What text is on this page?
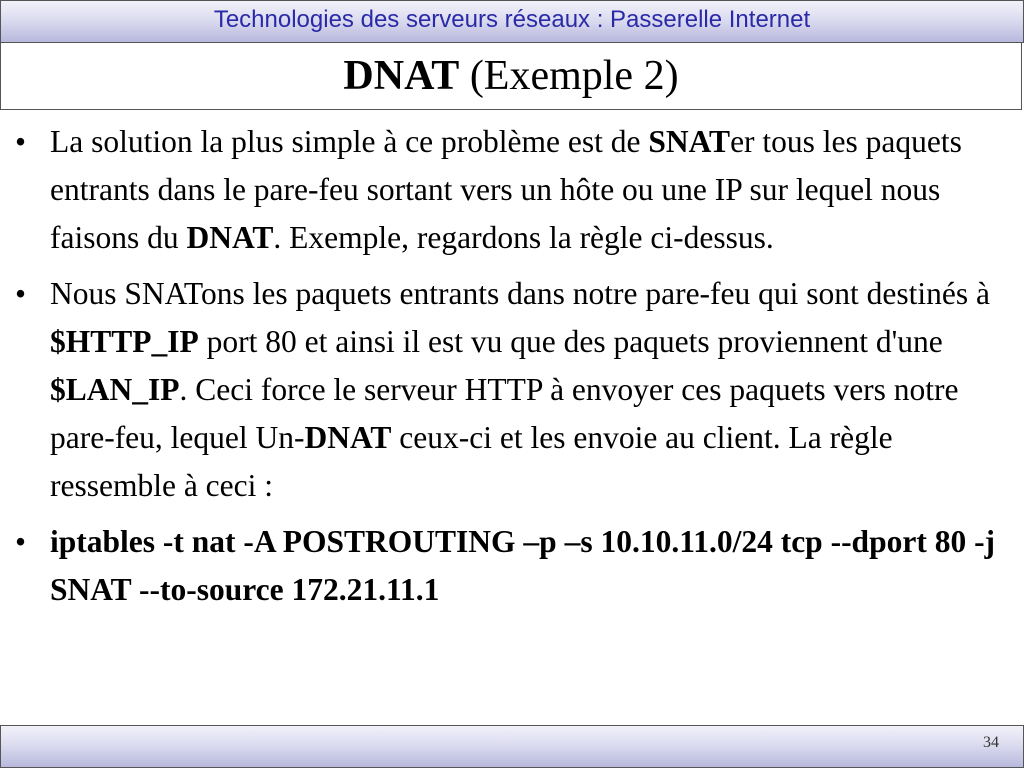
Technologies des serveurs réseaux : Passerelle Internet
DNAT (Exemple 2)
• La solution la plus simple à ce problème est de SNATer tous les paquets entrants dans le pare-feu sortant vers un hôte ou une IP sur lequel nous faisons du DNAT. Exemple, regardons la règle ci-dessus.
• Nous SNATons les paquets entrants dans notre pare-feu qui sont destinés à $HTTP_IP port 80 et ainsi il est vu que des paquets proviennent d'une $LAN_IP. Ceci force le serveur HTTP à envoyer ces paquets vers notre pare-feu, lequel Un-DNAT ceux-ci et les envoie au client. La règle ressemble à ceci :
• iptables -t nat -A POSTROUTING –p –s 10.10.11.0/24 tcp --dport 80 -j SNAT --to-source 172.21.11.1
34
